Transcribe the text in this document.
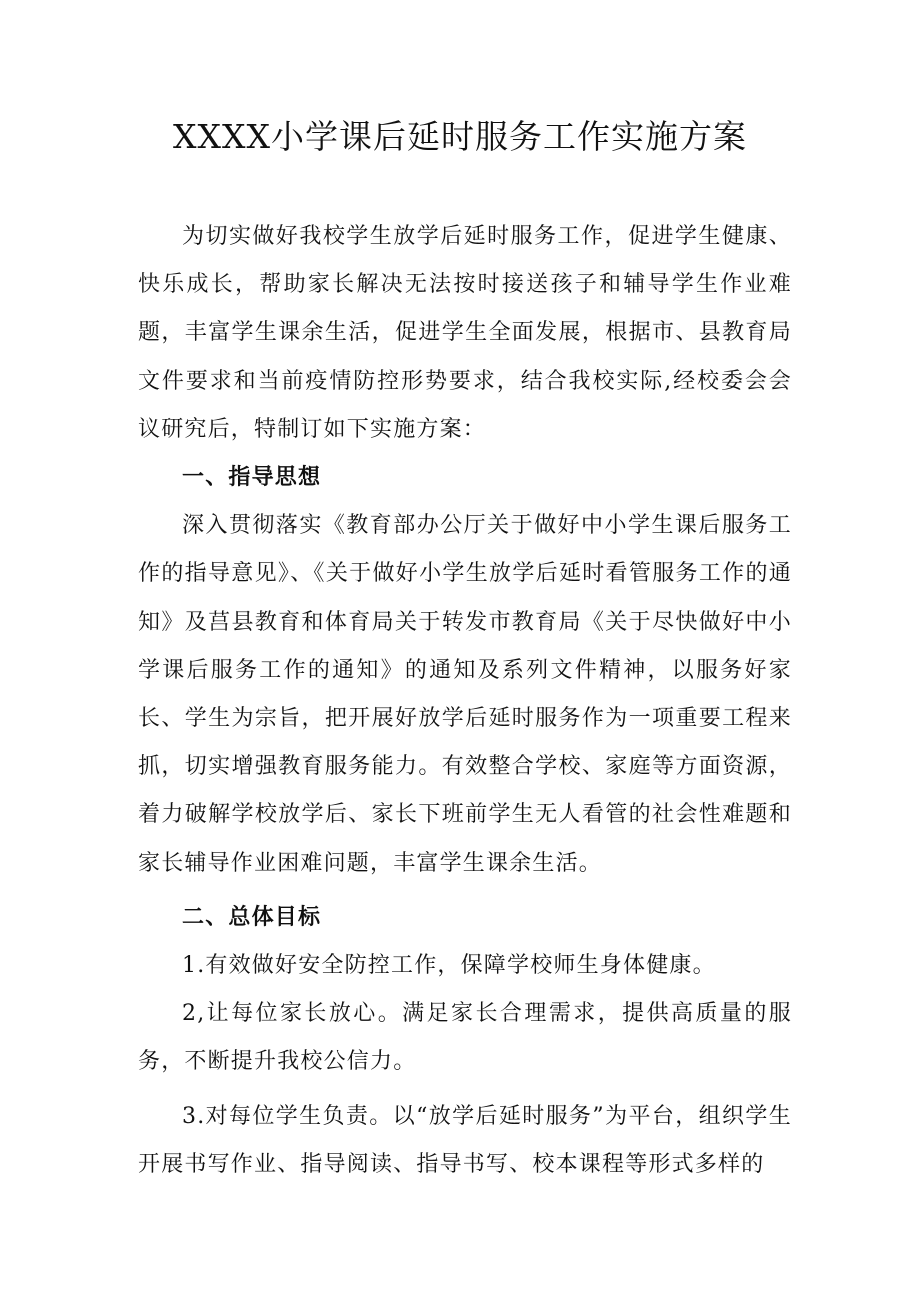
XXXX小学课后延时服务工作实施方案

为切实做好我校学生放学后延时服务工作，促进学生健康、快乐成长，帮助家长解决无法按时接送孩子和辅导学生作业难题，丰富学生课余生活，促进学生全面发展，根据市、县教育局文件要求和当前疫情防控形势要求，结合我校实际,经校委会会议研究后，特制订如下实施方案：

一、指导思想

深入贯彻落实《教育部办公厅关于做好中小学生课后服务工作的指导意见》、《关于做好小学生放学后延时看管服务工作的通知》及莒县教育和体育局关于转发市教育局《关于尽快做好中小学课后服务工作的通知》的通知及系列文件精神，以服务好家长、学生为宗旨，把开展好放学后延时服务作为一项重要工程来抓，切实增强教育服务能力。有效整合学校、家庭等方面资源，着力破解学校放学后、家长下班前学生无人看管的社会性难题和家长辅导作业困难问题，丰富学生课余生活。

二、总体目标

1.有效做好安全防控工作，保障学校师生身体健康。

2,让每位家长放心。满足家长合理需求，提供高质量的服务，不断提升我校公信力。

3.对每位学生负责。以“放学后延时服务”为平台，组织学生开展书写作业、指导阅读、指导书写、校本课程等形式多样的
